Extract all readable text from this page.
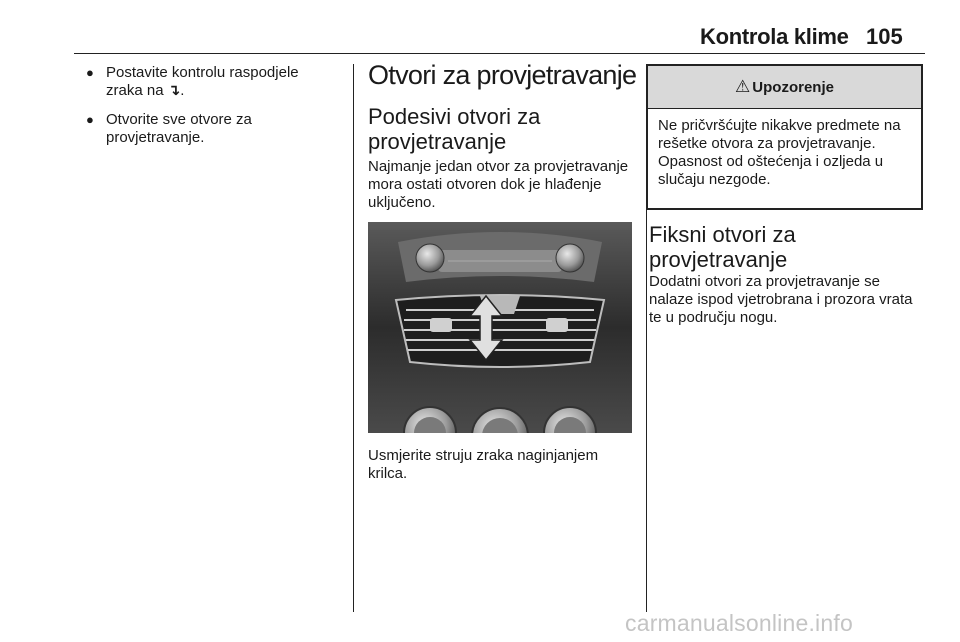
Kontrola klime 105
● Postavite kontrolu raspodjele zraka na ↴.
● Otvorite sve otvore za provjetravanje.
Otvori za provjetravanje
Podesivi otvori za provjetravanje
Najmanje jedan otvor za provjetravanje mora ostati otvoren dok je hlađenje uključeno.
Usmjerite struju zraka naginjanjem krilca.
⚠ Upozorenje
Ne pričvršćujte nikakve predmete na rešetke otvora za provjetravanje. Opasnost od oštećenja i ozljeda u slučaju nezgode.
Fiksni otvori za provjetravanje
Dodatni otvori za provjetravanje se nalaze ispod vjetrobrana i prozora vrata te u području nogu.
carmanualsonline.info
